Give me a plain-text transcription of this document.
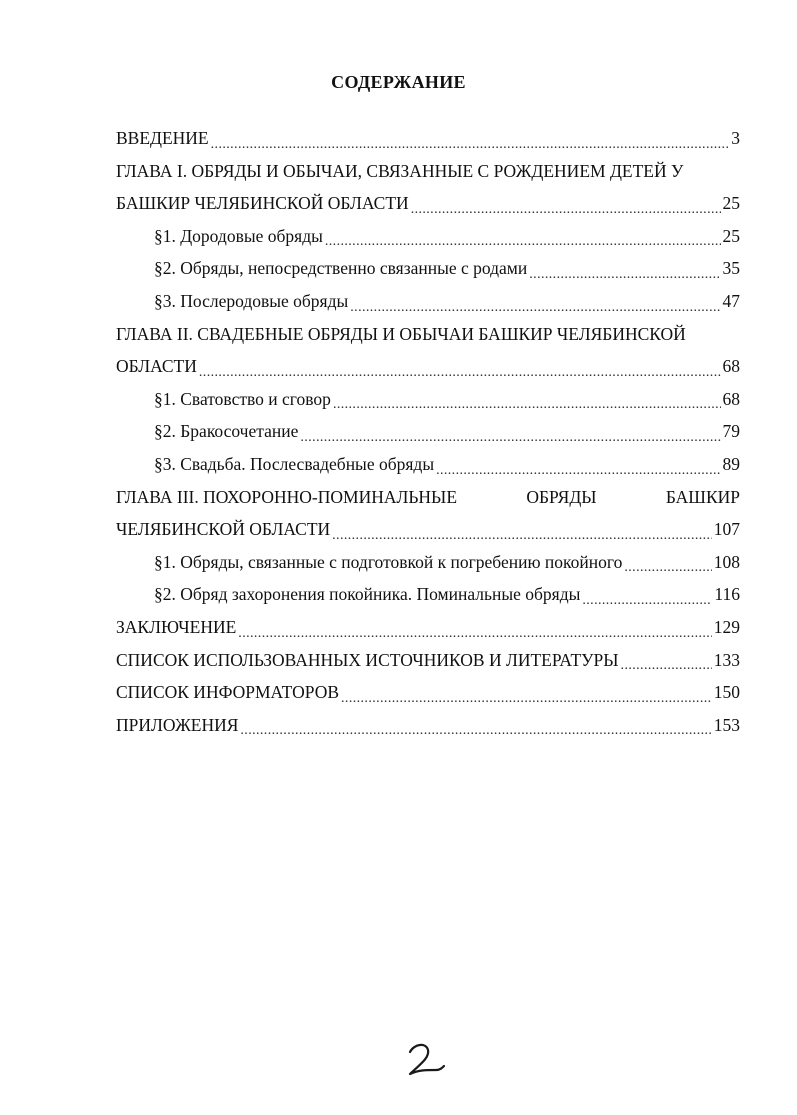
СОДЕРЖАНИЕ
ВВЕДЕНИЕ .....	3
ГЛАВА I. ОБРЯДЫ И ОБЫЧАИ, СВЯЗАННЫЕ С РОЖДЕНИЕМ ДЕТЕЙ У
БАШКИР ЧЕЛЯБИНСКОЙ ОБЛАСТИ .....	25
§1. Дородовые обряды .....	25
§2. Обряды, непосредственно связанные с родами .....	35
§3. Послеродовые обряды .....	47
ГЛАВА II. СВАДЕБНЫЕ ОБРЯДЫ И ОБЫЧАИ БАШКИР ЧЕЛЯБИНСКОЙ
ОБЛАСТИ .....	68
§1. Сватовство и сговор .....	68
§2. Бракосочетание .....	79
§3. Свадьба. Послесвадебные обряды .....	89
ГЛАВА III. ПОХОРОННО-ПОМИНАЛЬНЫЕ	ОБРЯДЫ	БАШКИР
ЧЕЛЯБИНСКОЙ ОБЛАСТИ .....	107
§1. Обряды, связанные с подготовкой к погребению покойного .....	108
§2. Обряд захоронения покойника. Поминальные обряды .....	116
ЗАКЛЮЧЕНИЕ .....	129
СПИСОК ИСПОЛЬЗОВАННЫХ ИСТОЧНИКОВ И ЛИТЕРАТУРЫ .....	133
СПИСОК ИНФОРМАТОРОВ .....	150
ПРИЛОЖЕНИЯ .....	153
